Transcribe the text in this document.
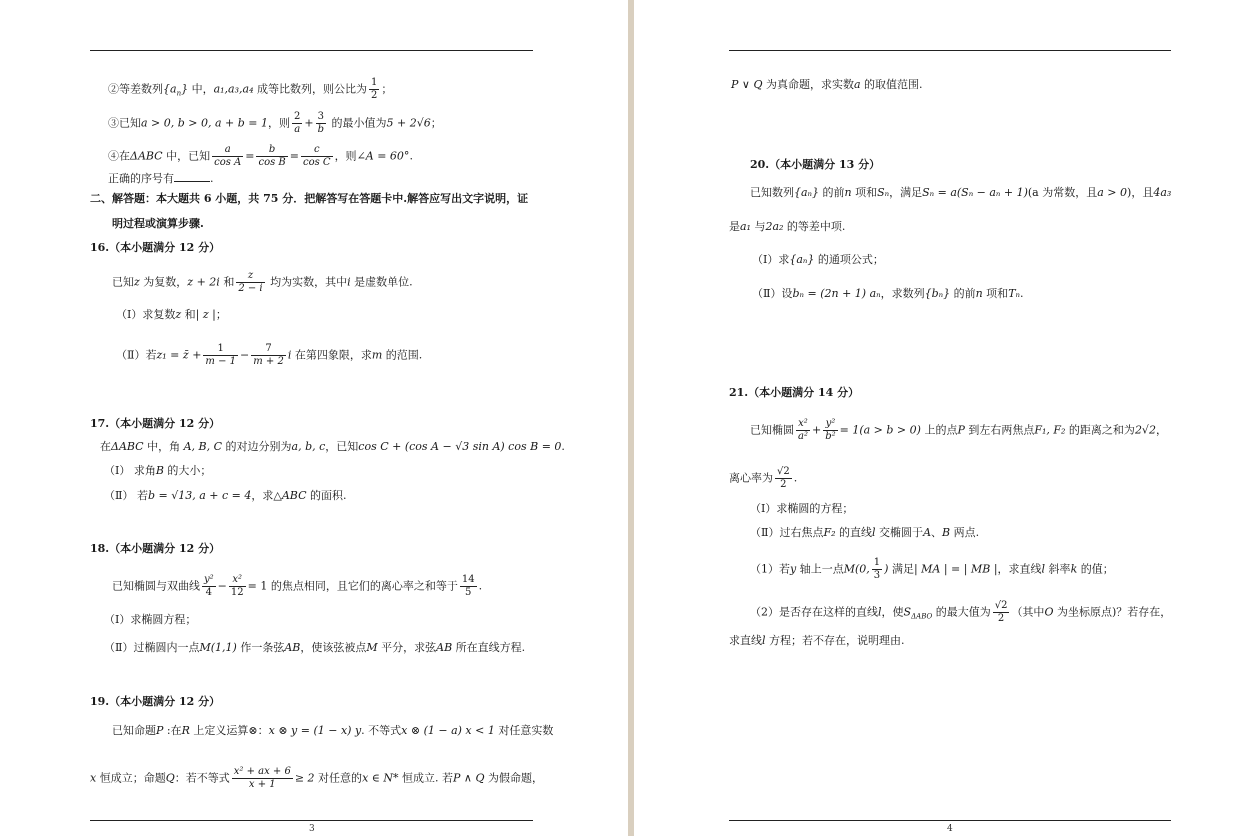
②等差数列$\{a_n\}$ 中，a₁,a₃,a₄ 成等比数列，则公比为 $\frac{1}{2}$ ；
③已知a > 0, b > 0, a + b = 1，则 $\frac{2}{a} + \frac{3}{b}$ 的最小值为5 + 2√6；
④在ΔABC 中，已知 $\frac{a}{\text{cos A}} = \frac{b}{\text{cos B}} = \frac{c}{\text{cos C}}$ ，则∠A = 60°.
正确的序号有	.
二、解答题：本大题共 6 小题，共 75 分．把解答写在答题卡中.解答应写出文字说明，证
明过程或演算步骤.
16.（本小题满分 12 分）
已知z 为复数，z + 2i 和 $\frac{z}{2 - i}$ 均为实数，其中i 是虚数单位.
（Ⅰ）求复数z 和| z |；
（Ⅱ）若z₁ = z̄ + $\frac{1}{m - 1} - \frac{7}{m + 2}$ i 在第四象限，求m 的范围.
17.（本小题满分 12 分）
在ΔABC 中，角 A, B, C 的对边分别为a, b, c，已知cos C + (cos A − √3 sin A) cos B = 0.
（Ⅰ） 求角B 的大小；
（Ⅱ） 若b = √13, a + c = 4，求△ABC 的面积.
18.（本小题满分 12 分）
已知椭圆与双曲线 $\frac{\text{y²}}{4} - \frac{\text{x²}}{12} = 1$ 的焦点相同，且它们的离心率之和等于 $\frac{14}{5}$ .
（Ⅰ）求椭圆方程；
（Ⅱ）过椭圆内一点M(1,1) 作一条弦AB，使该弦被点M 平分，求弦AB 所在直线方程.
19.（本小题满分 12 分）
已知命题P :在R 上定义运算⊗：x ⊗ y = (1 − x) y. 不等式x ⊗ (1 − a) x < 1 对任意实数
x 恒成立；命题Q：若不等式 $\frac{\text{x² + ax + 6}}{x + 1} \ge 2$ 对任意的x ∈ N* 恒成立. 若P ∧ Q 为假命题，
3
P ∨ Q 为真命题，求实数a 的取值范围.
20.（本小题满分 13 分）
已知数列{aₙ} 的前n 项和Sₙ，满足Sₙ = a(Sₙ − aₙ + 1)(a 为常数，且a > 0)，且4a₃
是a₁ 与2a₂ 的等差中项.
（Ⅰ）求{aₙ} 的通项公式；
（Ⅱ）设bₙ = (2n + 1) aₙ，求数列{bₙ} 的前n 项和Tₙ.
21.（本小题满分 14 分）
已知椭圆 $\frac{\text{x²}}{\text{a²}} + \frac{\text{y²}}{\text{b²}} = 1(a > b > 0)$ 上的点P 到左右两焦点F₁, F₂ 的距离之和为2√2，
离心率为 $\frac{√2}{2}$ .
（Ⅰ）求椭圆的方程；
（Ⅱ）过右焦点F₂ 的直线l 交椭圆于A、B 两点.
（1）若y 轴上一点M(0, $\frac{1}{3}$ ) 满足| MA | = | MB |，求直线l 斜率k 的值；
（2）是否存在这样的直线l，使$S_{\Delta ABO}$ 的最大值为 $\frac{√2}{2}$ （其中O 为坐标原点)？若存在，
求直线l 方程；若不存在，说明理由.
4
